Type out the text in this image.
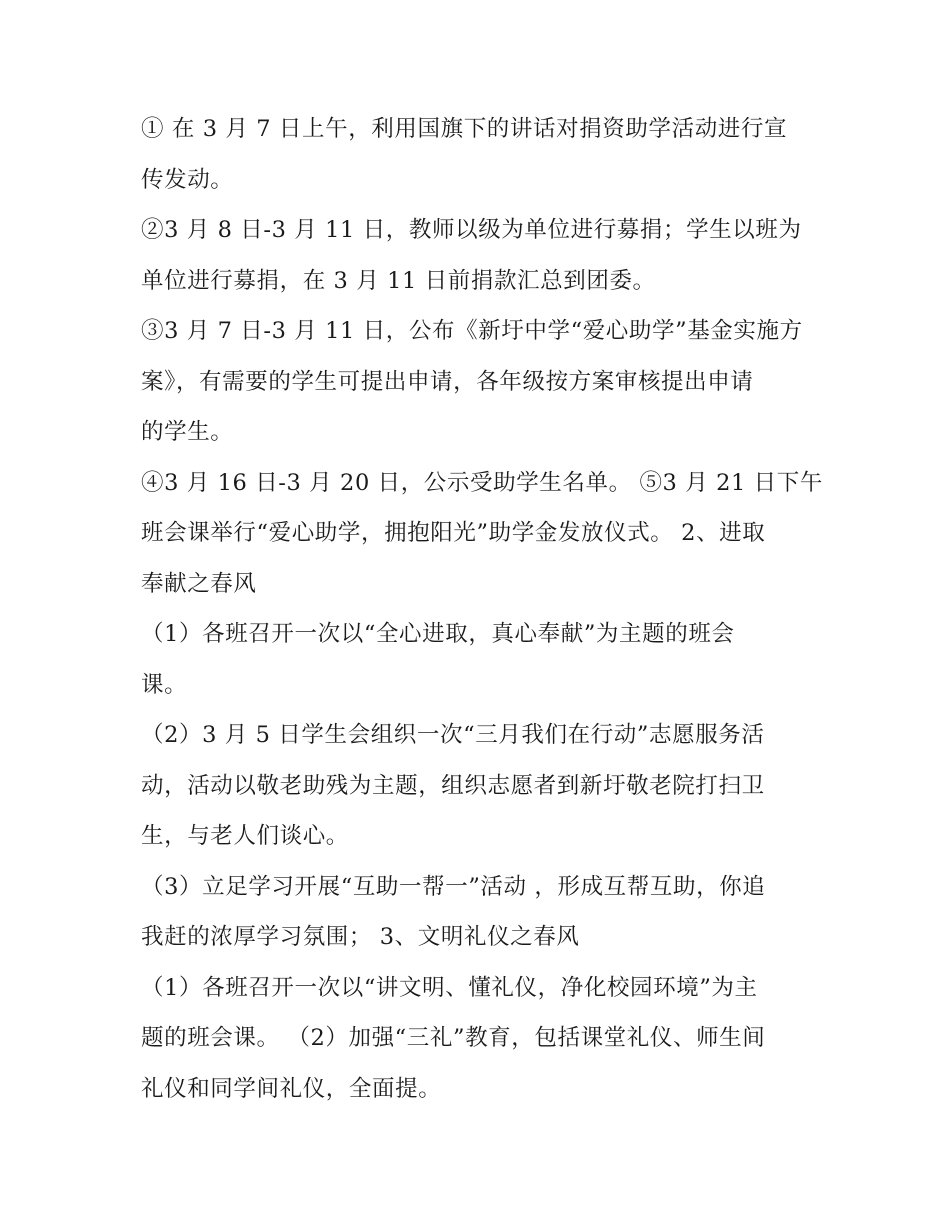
① 在 3 月 7 日上午，利用国旗下的讲话对捐资助学活动进行宣
传发动。
②3 月 8 日-3 月 11 日，教师以级为单位进行募捐；学生以班为
单位进行募捐，在 3 月 11 日前捐款汇总到团委。
③3 月 7 日-3 月 11 日，公布《新圩中学“爱心助学”基金实施方
案》，有需要的学生可提出申请，各年级按方案审核提出申请
的学生。
④3 月 16 日-3 月 20 日，公示受助学生名单。 ⑤3 月 21 日下午
班会课举行“爱心助学，拥抱阳光”助学金发放仪式。 2、进取
奉献之春风
（1）各班召开一次以“全心进取，真心奉献”为主题的班会
课。
（2）3 月 5 日学生会组织一次“三月我们在行动”志愿服务活
动，活动以敬老助残为主题，组织志愿者到新圩敬老院打扫卫
生，与老人们谈心。
（3）立足学习开展“互助一帮一”活动 ，形成互帮互助，你追
我赶的浓厚学习氛围； 3、文明礼仪之春风
（1）各班召开一次以“讲文明、懂礼仪，净化校园环境”为主
题的班会课。 （2）加强“三礼”教育，包括课堂礼仪、师生间
礼仪和同学间礼仪，全面提。
